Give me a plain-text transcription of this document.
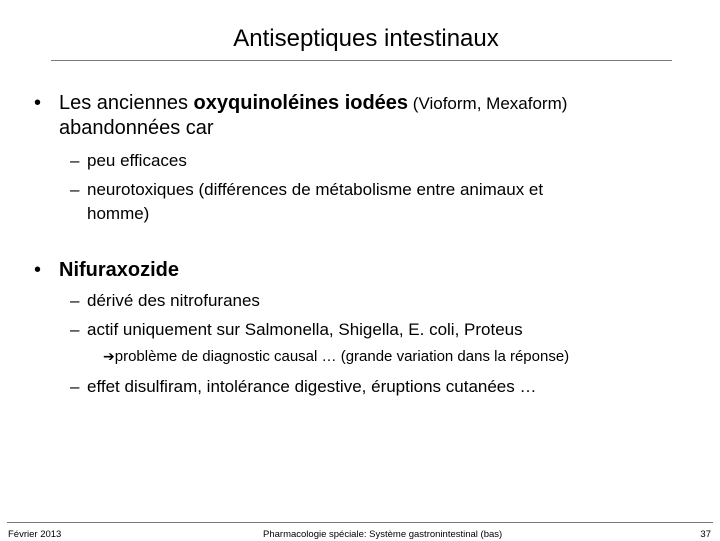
Antiseptiques intestinaux
• Les anciennes oxyquinoléines iodées (Vioform, Mexaform)
abandonnées car
– peu efficaces
– neurotoxiques (différences de métabolisme entre animaux et
homme)
• Nifuraxozide
– dérivé des nitrofuranes
– actif uniquement sur Salmonella, Shigella, E. coli, Proteus
➔problème de diagnostic causal … (grande variation dans la réponse)
– effet disulfiram, intolérance digestive, éruptions cutanées …
Février 2013	Pharmacologie spéciale: Système gastronintestinal (bas)	37
